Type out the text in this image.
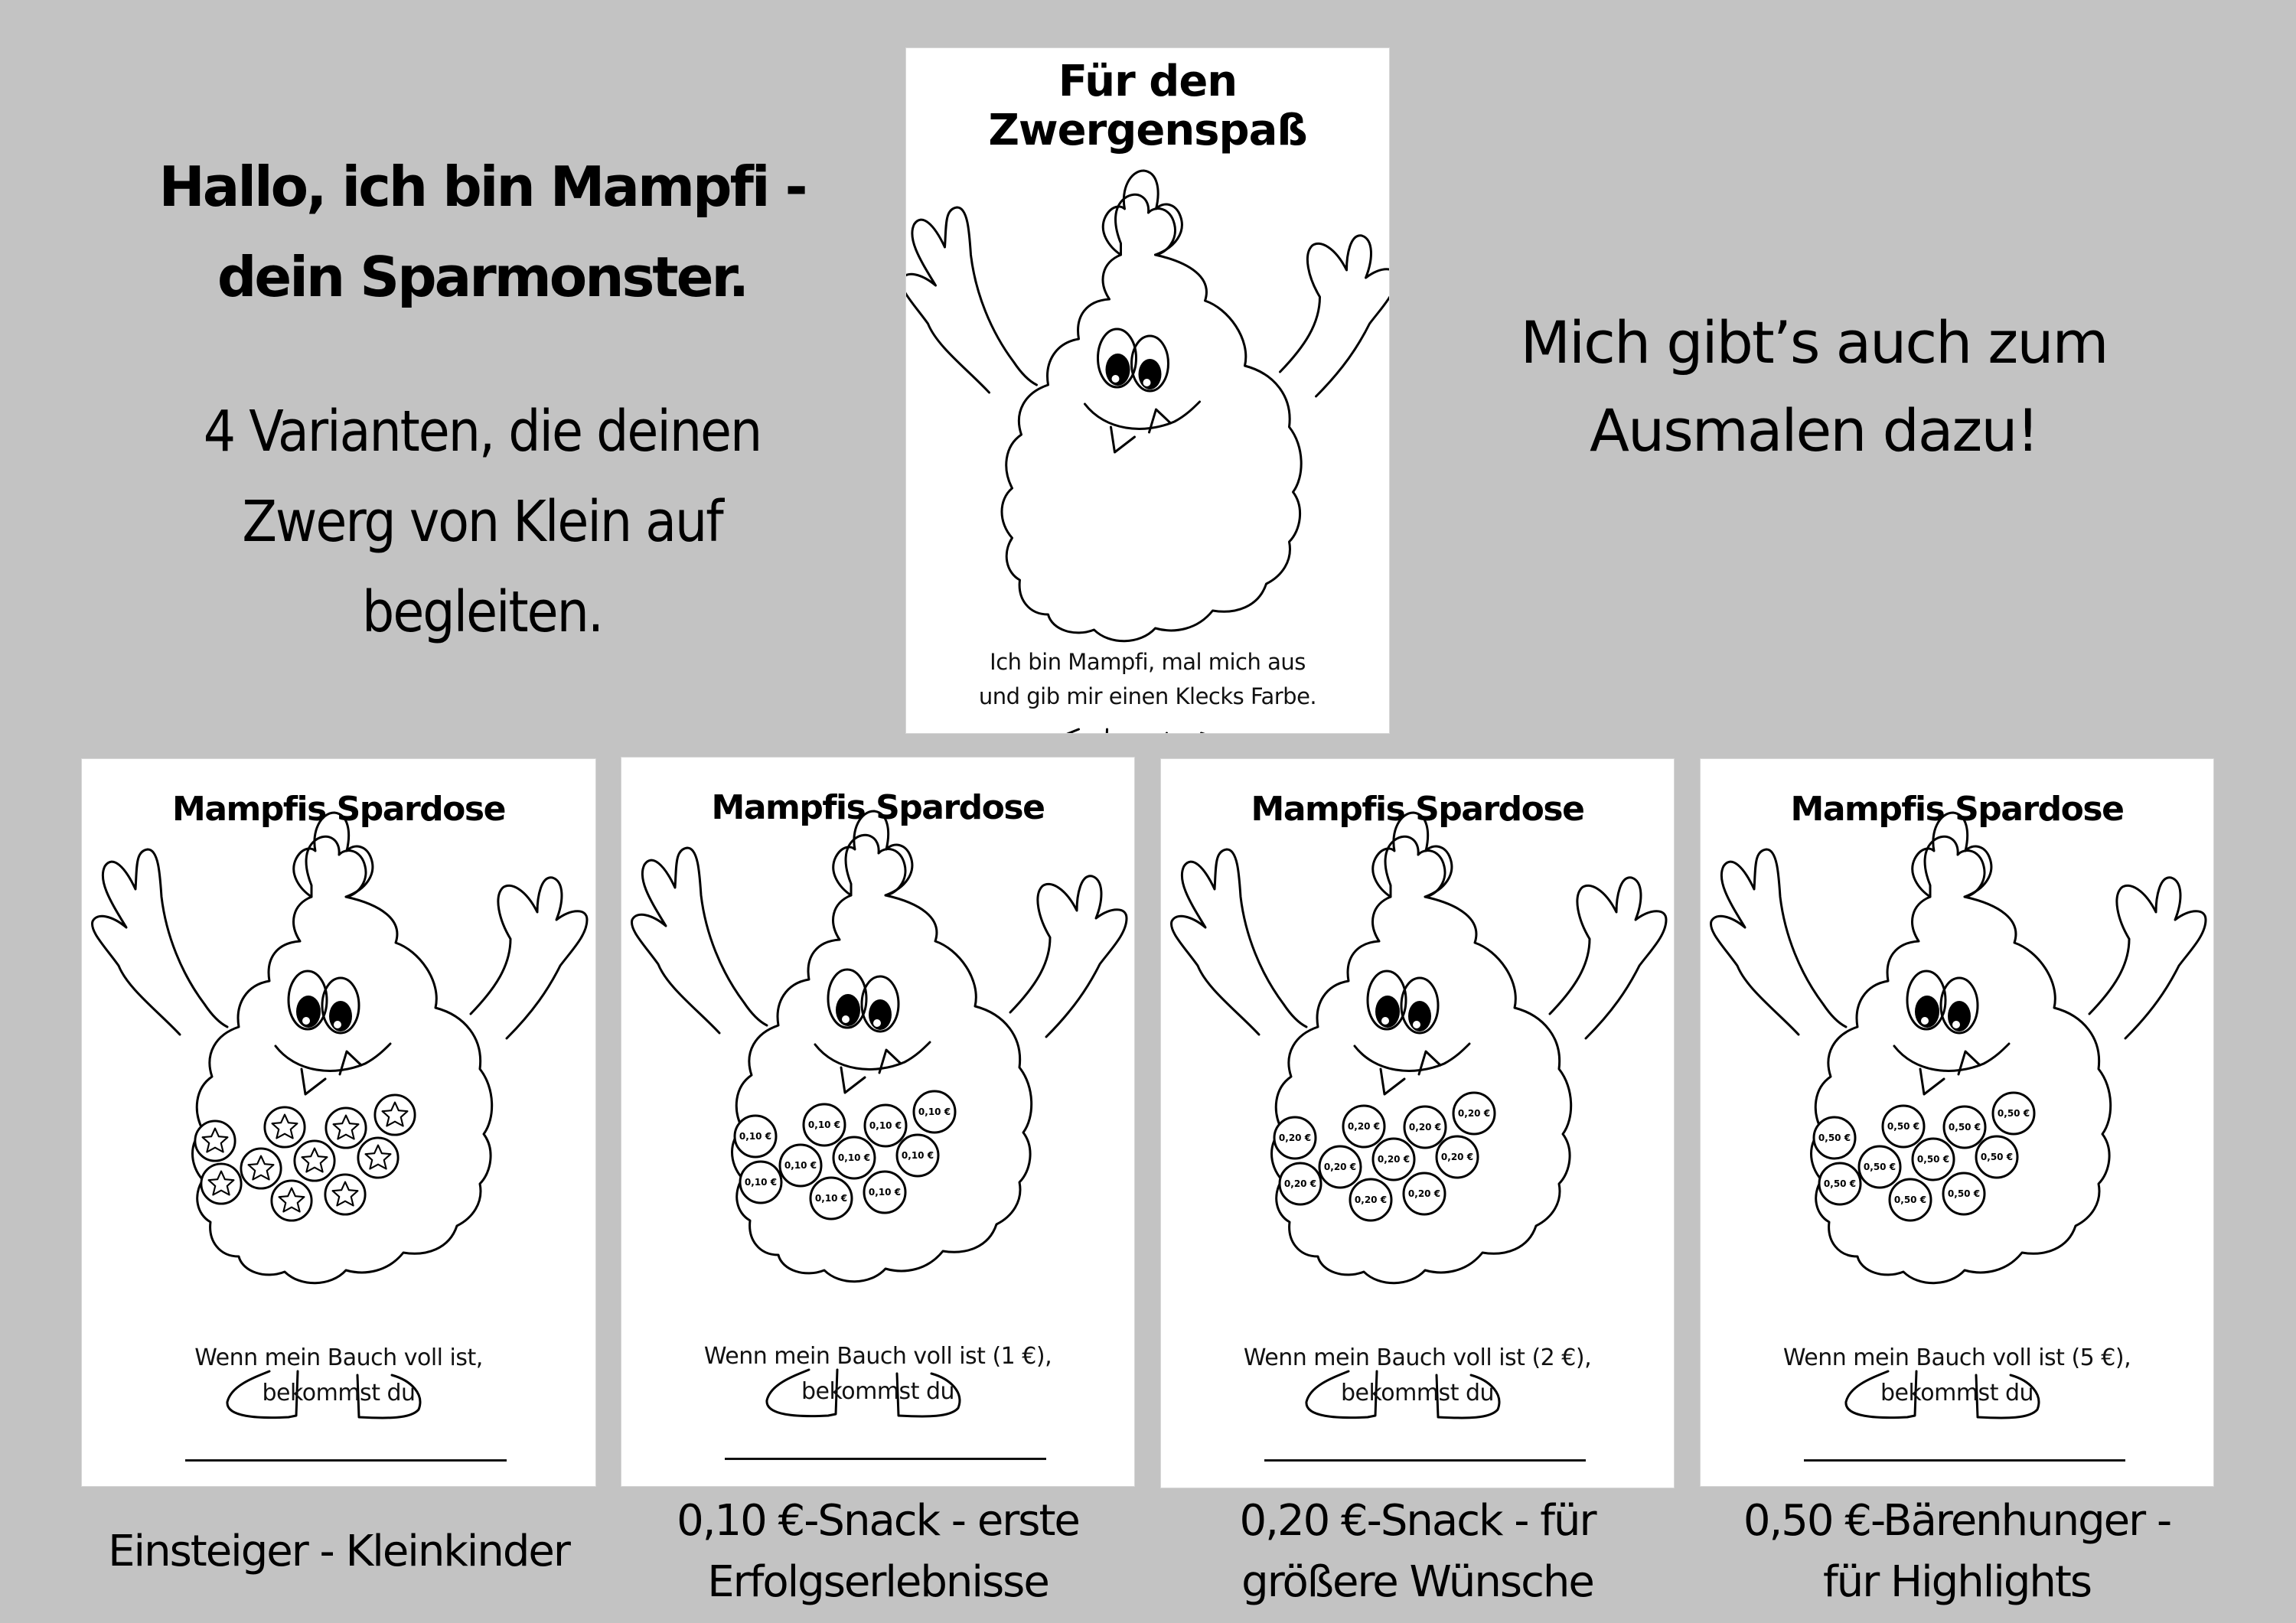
Hallo, ich bin Mampfi -
dein Sparmonster.
4 Varianten, die deinen
Zwerg von Klein auf
begleiten.
Für den
Zwergenspaß
Ich bin Mampfi, mal mich aus
und gib mir einen Klecks Farbe.
Mich gibt’s auch zum
Ausmalen dazu!
Mampfis Spardose
Wenn mein Bauch voll ist,
bekommst du
Mampfis Spardose
0,10 €
0,10 €
0,10 €
0,10 €
0,10 €
0,10 €
0,10 €
0,10 €
0,10 €
0,10 €
Wenn mein Bauch voll ist (1 €),
bekommst du
Mampfis Spardose
0,20 €
0,20 €
0,20 €
0,20 €
0,20 €
0,20 €
0,20 €
0,20 €
0,20 €
0,20 €
Wenn mein Bauch voll ist (2 €),
bekommst du
Mampfis Spardose
0,50 €
0,50 €
0,50 €
0,50 €
0,50 €
0,50 €
0,50 €
0,50 €
0,50 €
0,50 €
Wenn mein Bauch voll ist (5 €),
bekommst du
Einsteiger - Kleinkinder
0,10 €-Snack - erste
Erfolgserlebnisse
0,20 €-Snack - für
größere Wünsche
0,50 €-Bärenhunger -
für Highlights
